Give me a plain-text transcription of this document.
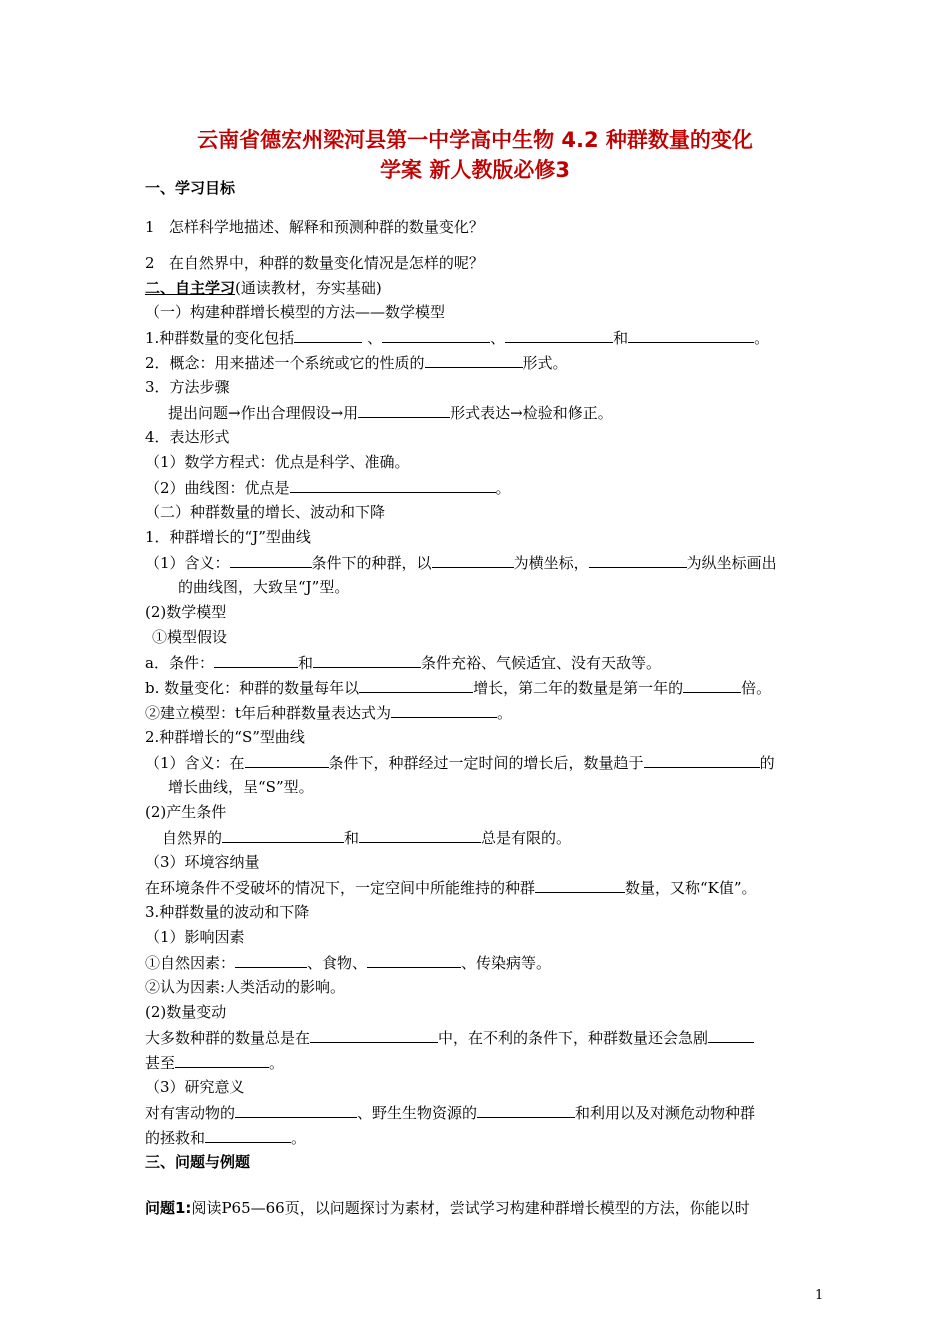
云南省德宏州梁河县第一中学高中生物 4.2 种群数量的变化
学案 新人教版必修3
一、学习目标
1 怎样科学地描述、解释和预测种群的数量变化？
2 在自然界中，种群的数量变化情况是怎样的呢？
二、自主学习(通读教材，夯实基础)
（一）构建种群增长模型的方法——数学模型
1.种群数量的变化包括	、	、	和	。
2．概念：用来描述一个系统或它的性质的	形式。
3．方法步骤
提出问题→作出合理假设→用	形式表达→检验和修正。
4．表达形式
（1）数学方程式：优点是科学、准确。
（2）曲线图：优点是	。
（二）种群数量的增长、波动和下降
1．种群增长的“J”型曲线
（1）含义：	条件下的种群，以	为横坐标，	为纵坐标画出
的曲线图，大致呈“J”型。
(2)数学模型
①模型假设
a．条件：	和	条件充裕、气候适宜、没有天敌等。
b. 数量变化：种群的数量每年以	增长，第二年的数量是第一年的	倍。
②建立模型：t年后种群数量表达式为	。
2.种群增长的“S”型曲线
（1）含义：在	条件下，种群经过一定时间的增长后，数量趋于	的
增长曲线，呈“S”型。
(2)产生条件
自然界的	和	总是有限的。
（3）环境容纳量
在环境条件不受破坏的情况下，一定空间中所能维持的种群	数量，又称“K值”。
3.种群数量的波动和下降
（1）影响因素
①自然因素：	、食物、	、传染病等。
②认为因素:人类活动的影响。
(2)数量变动
大多数种群的数量总是在	中，在不利的条件下，种群数量还会急剧
甚至	。
（3）研究意义
对有害动物的	、野生生物资源的	和利用以及对濒危动物种群
的拯救和	。
三、问题与例题
问题1:阅读P65—66页，以问题探讨为素材，尝试学习构建种群增长模型的方法，你能以时
1
